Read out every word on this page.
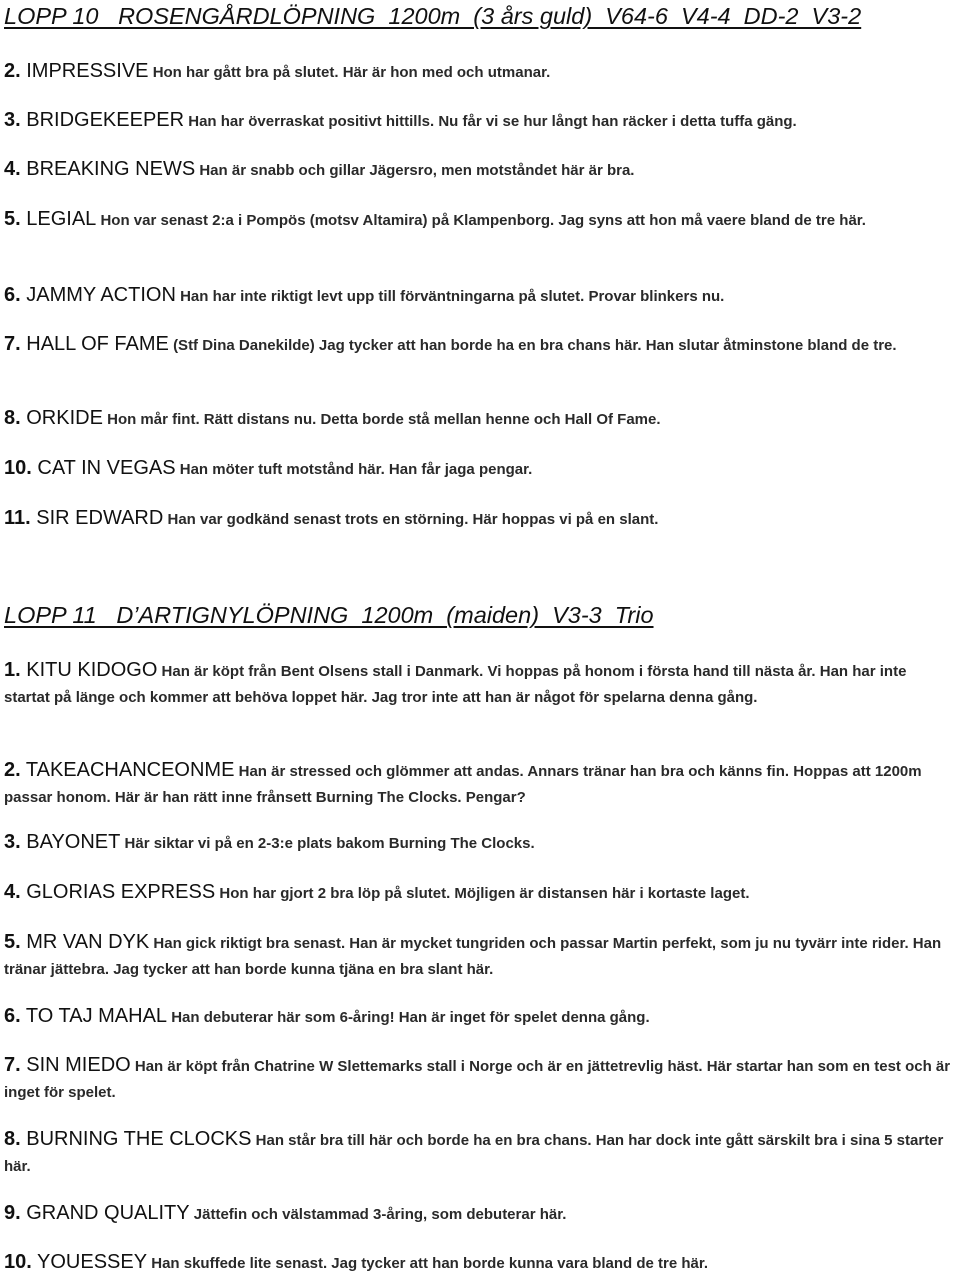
LOPP 10   ROSENGÅRDLÖPNING  1200m  (3 års guld)  V64-6  V4-4  DD-2  V3-2
2. IMPRESSIVE Hon har gått bra på slutet. Här är hon med och utmanar.
3. BRIDGEKEEPER Han har överraskat positivt hittills. Nu får vi se hur långt han räcker i detta tuffa gäng.
4. BREAKING NEWS Han är snabb och gillar Jägersro, men motståndet här är bra.
5. LEGIAL Hon var senast 2:a i Pompös (motsv Altamira) på Klampenborg. Jag syns att hon må vaere bland de tre här.
6. JAMMY ACTION Han har inte riktigt levt upp till förväntningarna på slutet. Provar blinkers nu.
7. HALL OF FAME (Stf Dina Danekilde) Jag tycker att han borde ha en bra chans här. Han slutar åtminstone bland de tre.
8. ORKIDE Hon mår fint. Rätt distans nu. Detta borde stå mellan henne och Hall Of Fame.
10. CAT IN VEGAS Han möter tuft motstånd här. Han får jaga pengar.
11. SIR EDWARD Han var godkänd senast trots en störning. Här hoppas vi på en slant.
LOPP 11   D’ARTIGNYLÖPNING  1200m  (maiden)  V3-3  Trio
1. KITU KIDOGO Han är köpt från Bent Olsens stall i Danmark. Vi hoppas på honom i första hand till nästa år. Han har inte startat på länge och kommer att behöva loppet här. Jag tror inte att han är något för spelarna denna gång.
2. TAKEACHANCEONME Han är stressed och glömmer att andas. Annars tränar han bra och känns fin. Hoppas att 1200m passar honom. Här är han rätt inne frånsett Burning The Clocks. Pengar?
3. BAYONET Här siktar vi på en 2-3:e plats bakom Burning The Clocks.
4. GLORIAS EXPRESS Hon har gjort 2 bra löp på slutet. Möjligen är distansen här i kortaste laget.
5. MR VAN DYK Han gick riktigt bra senast. Han är mycket tungriden och passar Martin perfekt, som ju nu tyvärr inte rider. Han tränar jättebra. Jag tycker att han borde kunna tjäna en bra slant här.
6. TO TAJ MAHAL Han debuterar här som 6-åring! Han är inget för spelet denna gång.
7. SIN MIEDO Han är köpt från Chatrine W Slettemarks stall i Norge och är en jättetrevlig häst. Här startar han som en test och är inget för spelet.
8. BURNING THE CLOCKS Han står bra till här och borde ha en bra chans. Han har dock inte gått särskilt bra i sina 5 starter här.
9. GRAND QUALITY Jättefin och välstammad 3-åring, som debuterar här.
10. YOUESSEY Han skuffede lite senast. Jag tycker att han borde kunna vara bland de tre här.
